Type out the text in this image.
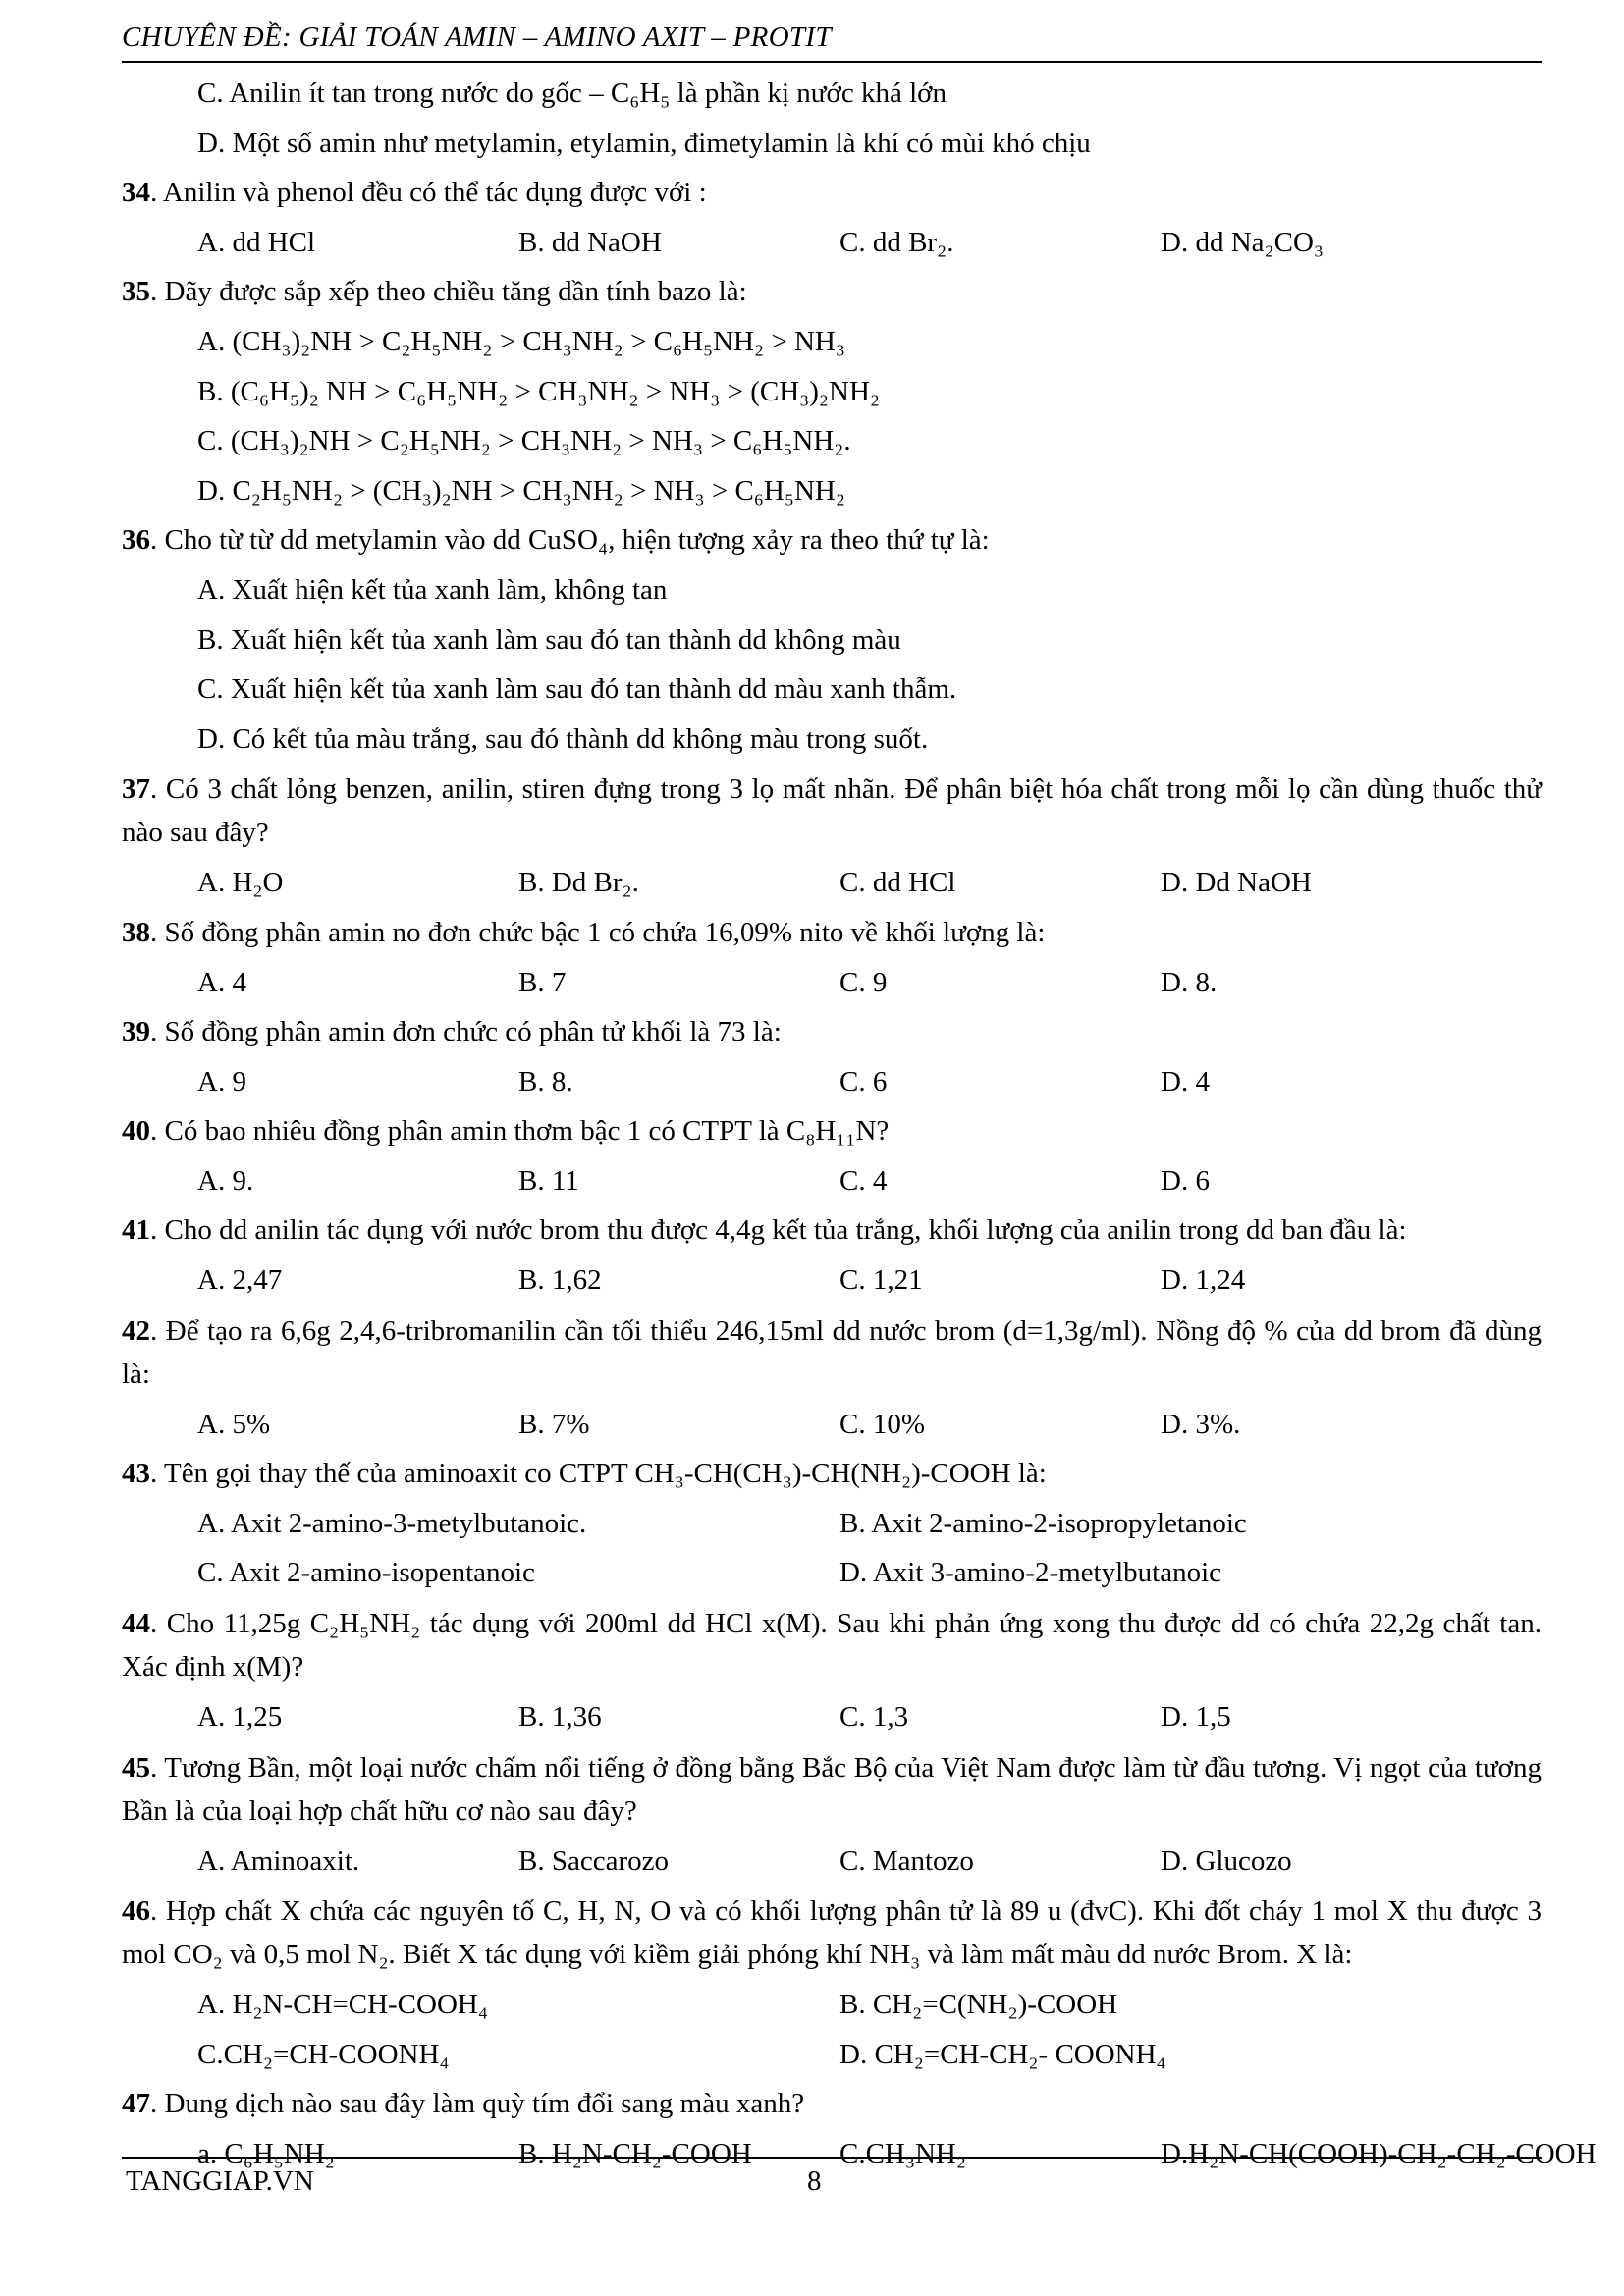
CHUYÊN ĐỀ: GIẢI TOÁN AMIN – AMINO AXIT – PROTIT
C. Anilin ít tan trong nước do gốc – C₆H₅ là phần kị nước khá lớn
D. Một số amin như metylamin, etylamin, đimetylamin là khí có mùi khó chịu
34. Anilin và phenol đều có thể tác dụng được với :
A. dd HCl	B. dd NaOH	C. dd Br₂.	D. dd Na₂CO₃
35. Dãy được sắp xếp theo chiều tăng dần tính bazo là:
A. (CH₃)₂NH > C₂H₅NH₂ > CH₃NH₂ > C₆H₅NH₂ > NH₃
B. (C₆H₅)₂ NH > C₆H₅NH₂ > CH₃NH₂ > NH₃ > (CH₃)₂NH₂
C. (CH₃)₂NH > C₂H₅NH₂ > CH₃NH₂ > NH₃ > C₆H₅NH₂.
D. C₂H₅NH₂ > (CH₃)₂NH > CH₃NH₂ > NH₃ > C₆H₅NH₂
36. Cho từ từ dd metylamin vào dd CuSO₄, hiện tượng xảy ra theo thứ tự là:
A. Xuất hiện kết tủa xanh làm, không tan
B. Xuất hiện kết tủa xanh làm sau đó tan thành dd không màu
C. Xuất hiện kết tủa xanh làm sau đó tan thành dd màu xanh thẫm.
D. Có kết tủa màu trắng, sau đó thành dd không màu trong suốt.
37. Có 3 chất lỏng benzen, anilin, stiren đựng trong 3 lọ mất nhãn. Để phân biệt hóa chất trong mỗi lọ cần dùng thuốc thử nào sau đây?
A. H₂O	B. Dd Br₂.	C. dd HCl	D. Dd NaOH
38. Số đồng phân amin no đơn chức bậc 1 có chứa 16,09% nito về khối lượng là:
A. 4	B. 7	C. 9	D. 8.
39. Số đồng phân amin đơn chức có phân tử khối là 73 là:
A. 9	B. 8.	C. 6	D. 4
40. Có bao nhiêu đồng phân amin thơm bậc 1 có CTPT là C₈H₁₁N?
A. 9.	B. 11	C. 4	D. 6
41. Cho dd anilin tác dụng với nước brom thu được 4,4g kết tủa trắng, khối lượng của anilin trong dd ban đầu là:
A. 2,47	B. 1,62	C. 1,21	D. 1,24
42. Để tạo ra 6,6g 2,4,6-tribromanilin cần tối thiểu 246,15ml dd nước brom (d=1,3g/ml). Nồng độ % của dd brom đã dùng là:
A. 5%	B. 7%	C. 10%	D. 3%.
43. Tên gọi thay thế của aminoaxit co CTPT CH₃-CH(CH₃)-CH(NH₂)-COOH là:
A. Axit 2-amino-3-metylbutanoic.	B. Axit 2-amino-2-isopropyletanoic
C. Axit 2-amino-isopentanoic	D. Axit 3-amino-2-metylbutanoic
44. Cho 11,25g C₂H₅NH₂ tác dụng với 200ml dd HCl x(M). Sau khi phản ứng xong thu được dd có chứa 22,2g chất tan. Xác định x(M)?
A. 1,25	B. 1,36	C. 1,3	D. 1,5
45. Tương Bần, một loại nước chấm nổi tiếng ở đồng bằng Bắc Bộ của Việt Nam được làm từ đầu tương. Vị ngọt của tương Bần là của loại hợp chất hữu cơ nào sau đây?
A. Aminoaxit.	B. Saccarozo	C. Mantozo	D. Glucozo
46. Hợp chất X chứa các nguyên tố C, H, N, O và có khối lượng phân tử là 89 u (đvC). Khi đốt cháy 1 mol X thu được 3 mol CO₂ và 0,5 mol N₂. Biết X tác dụng với kiềm giải phóng khí NH₃ và làm mất màu dd nước Brom. X là:
A. H₂N-CH=CH-COOH₄	B. CH₂=C(NH₂)-COOH
C.CH₂=CH-COONH₄	D. CH₂=CH-CH₂- COONH₄
47. Dung dịch nào sau đây làm quỳ tím đổi sang màu xanh?
a. C₆H₅NH₂	B. H₂N-CH₂-COOH	C.CH₃NH₂	D.H₂N-CH(COOH)-CH₂-CH₂-COOH
TANGGIAP.VN	8
